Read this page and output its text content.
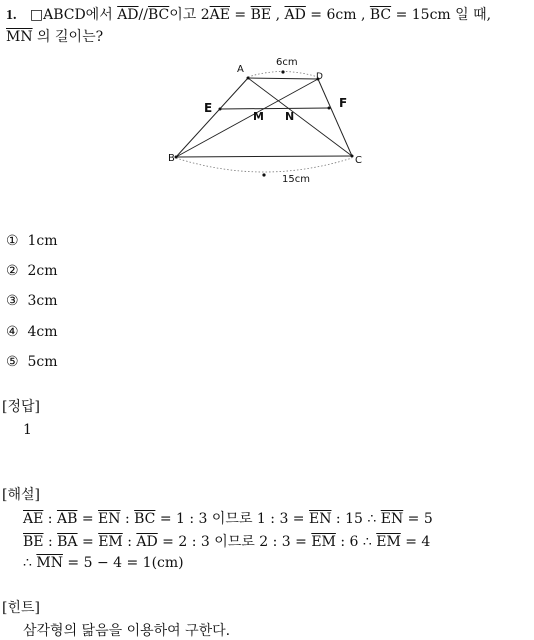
1. □ABCD에서 $\overline{AD}//\overline{BC}$이고 $2\overline{AE} = \overline{BE}$ , $\overline{AD} = 6cm$ , $\overline{BC} = 15cm$ 일 때,
$\overline{MN}$ 의 길이는?
A
D
6cm
E	F
M N
B	C
15cm
① 1cm
② 2cm
③ 3cm
④ 4cm
⑤ 5cm
[정답]
1
[해설]
$\overline{AE}$ : $\overline{AB} = \overline{EN}$ : $\overline{BC} = 1$ : 3 이므로 1 : $3 = \overline{EN}$ : 15 ∴ $\overline{EN} = 5$
$\overline{BE}$ : $\overline{BA} = \overline{EM}$ : $\overline{AD} = 2$ : 3 이므로 2 : $3 = \overline{EM}$ : 6 ∴ $\overline{EM} = 4$
∴ $\overline{MN} = 5 - 4 = 1(cm)$
[힌트]
삼각형의 닮음을 이용하여 구한다.
